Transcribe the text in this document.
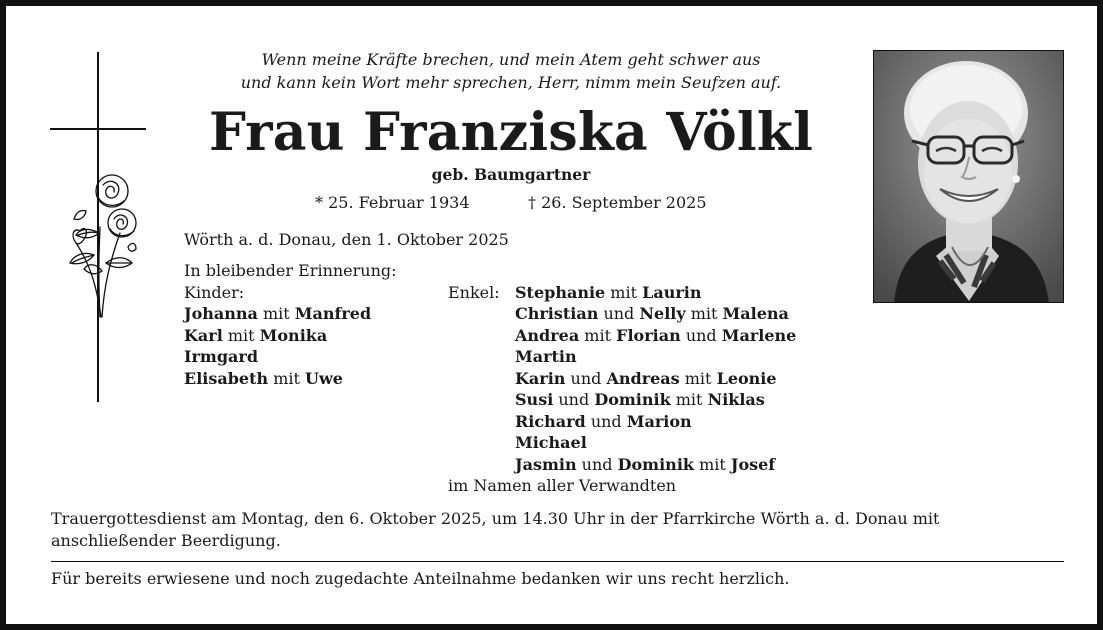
Wenn meine Kräfte brechen, und mein Atem geht schwer aus
und kann kein Wort mehr sprechen, Herr, nimm mein Seufzen auf.
Frau Franziska Völkl
geb. Baumgartner
* 25. Februar 1934	† 26. September 2025
Wörth a. d. Donau, den 1. Oktober 2025
In bleibender Erinnerung:
Kinder:	Enkel:
Johanna mit Manfred
Karl mit Monika
Irmgard
Elisabeth mit Uwe
Stephanie mit Laurin
Christian und Nelly mit Malena
Andrea mit Florian und Marlene
Martin
Karin und Andreas mit Leonie
Susi und Dominik mit Niklas
Richard und Marion
Michael
Jasmin und Dominik mit Josef
im Namen aller Verwandten
Trauergottesdienst am Montag, den 6. Oktober 2025, um 14.30 Uhr in der Pfarrkirche Wörth a. d. Donau mit anschließender Beerdigung.
Für bereits erwiesene und noch zugedachte Anteilnahme bedanken wir uns recht herzlich.
